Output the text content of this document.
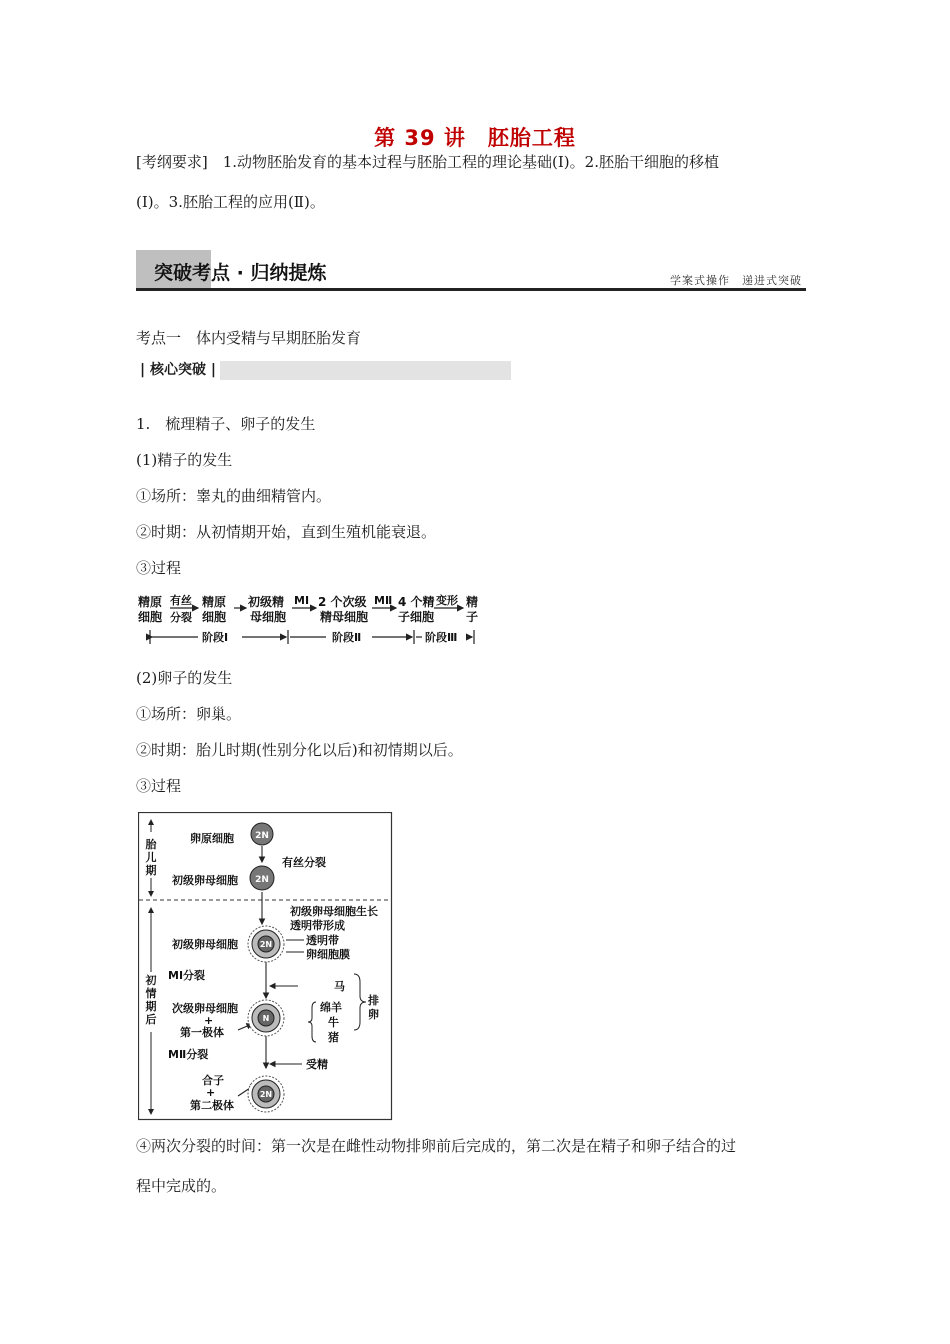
第 39 讲　胚胎工程
[考纲要求]　1.动物胚胎发育的基本过程与胚胎工程的理论基础(Ⅰ)。2.胚胎干细胞的移植
(Ⅰ)。3.胚胎工程的应用(Ⅱ)。
突破考点 · 归纳提炼	学案式操作　递进式突破
考点一　体内受精与早期胚胎发育
| 核心突破 |
1.　梳理精子、卵子的发生
(1)精子的发生
①场所：睾丸的曲细精管内。
②时期：从初情期开始，直到生殖机能衰退。
③过程
精原
细胞
有丝
分裂
精原
细胞
初级精
母细胞
MⅠ 2 个次级
精母细胞
MⅡ 4 个精
子细胞
变形 精
子
阶段Ⅰ	阶段Ⅱ	阶段Ⅲ
(2)卵子的发生
①场所：卵巢。
②时期：胎儿时期(性别分化以后)和初情期以后。
③过程
胎
儿
期
初
情
期
后
2N
2N
2N
N
2N
卵原细胞
有丝分裂
初级卵母细胞
初级卵母细胞生长
透明带形成
初级卵母细胞	透明带
卵细胞膜
MⅠ分裂
马
绵羊
牛
猪
排
卵
次级卵母细胞
+
第一极体
MⅡ分裂
受精
合子
+
第二极体
④两次分裂的时间：第一次是在雌性动物排卵前后完成的，第二次是在精子和卵子结合的过
程中完成的。
